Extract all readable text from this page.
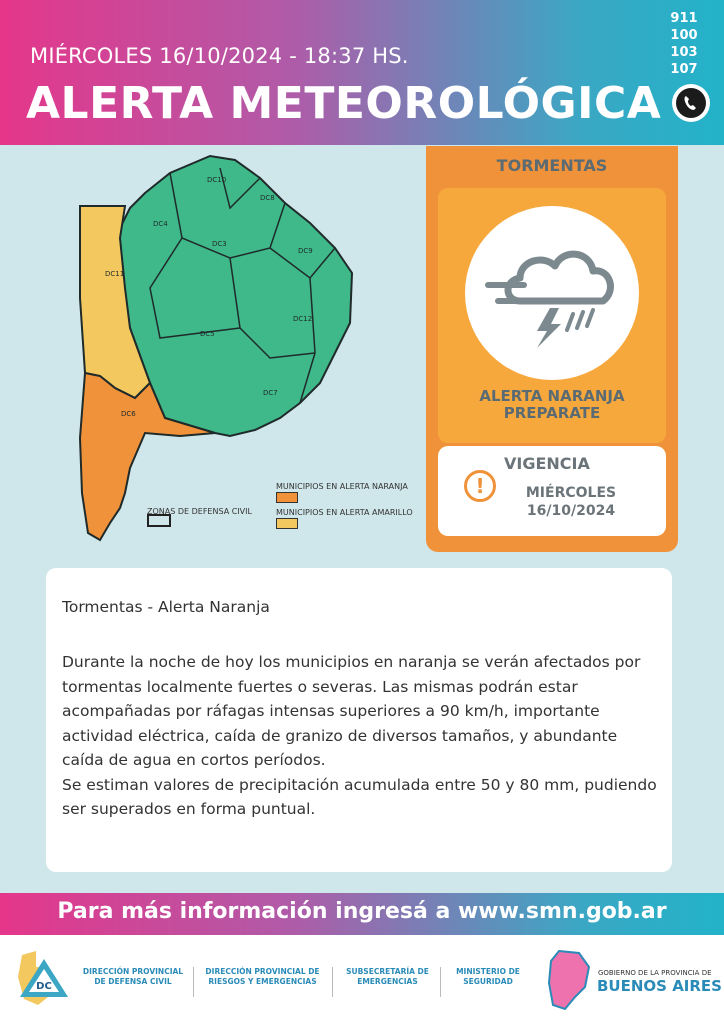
MIÉRCOLES 16/10/2024 - 18:37 HS.
ALERTA METEOROLÓGICA
911
100
103
107
DC10
DC8
DC4
DC3
DC9
DC11
DC5
DC12
DC7
DC6
ZONAS DE DEFENSA CIVIL
MUNICIPIOS EN ALERTA NARANJA
MUNICIPIOS EN ALERTA AMARILLO
TORMENTAS
ALERTA NARANJA
PREPARATE
!
VIGENCIA
MIÉRCOLES
16/10/2024
Tormentas - Alerta Naranja
Durante la noche de hoy los municipios en naranja se verán afectados por tormentas localmente fuertes o severas. Las mismas podrán estar acompañadas por ráfagas intensas superiores a 90 km/h, importante actividad eléctrica, caída de granizo de diversos tamaños, y abundante caída de agua en cortos períodos.
Se estiman valores de precipitación acumulada entre 50 y 80 mm, pudiendo ser superados en forma puntual.
Para más información ingresá a www.smn.gob.ar
DC
DIRECCIÓN PROVINCIAL DE DEFENSA CIVIL
DIRECCIÓN PROVINCIAL DE RIESGOS Y EMERGENCIAS
SUBSECRETARÍA DE EMERGENCIAS
MINISTERIO DE SEGURIDAD
GOBIERNO DE LA PROVINCIA DE
BUENOS AIRES
